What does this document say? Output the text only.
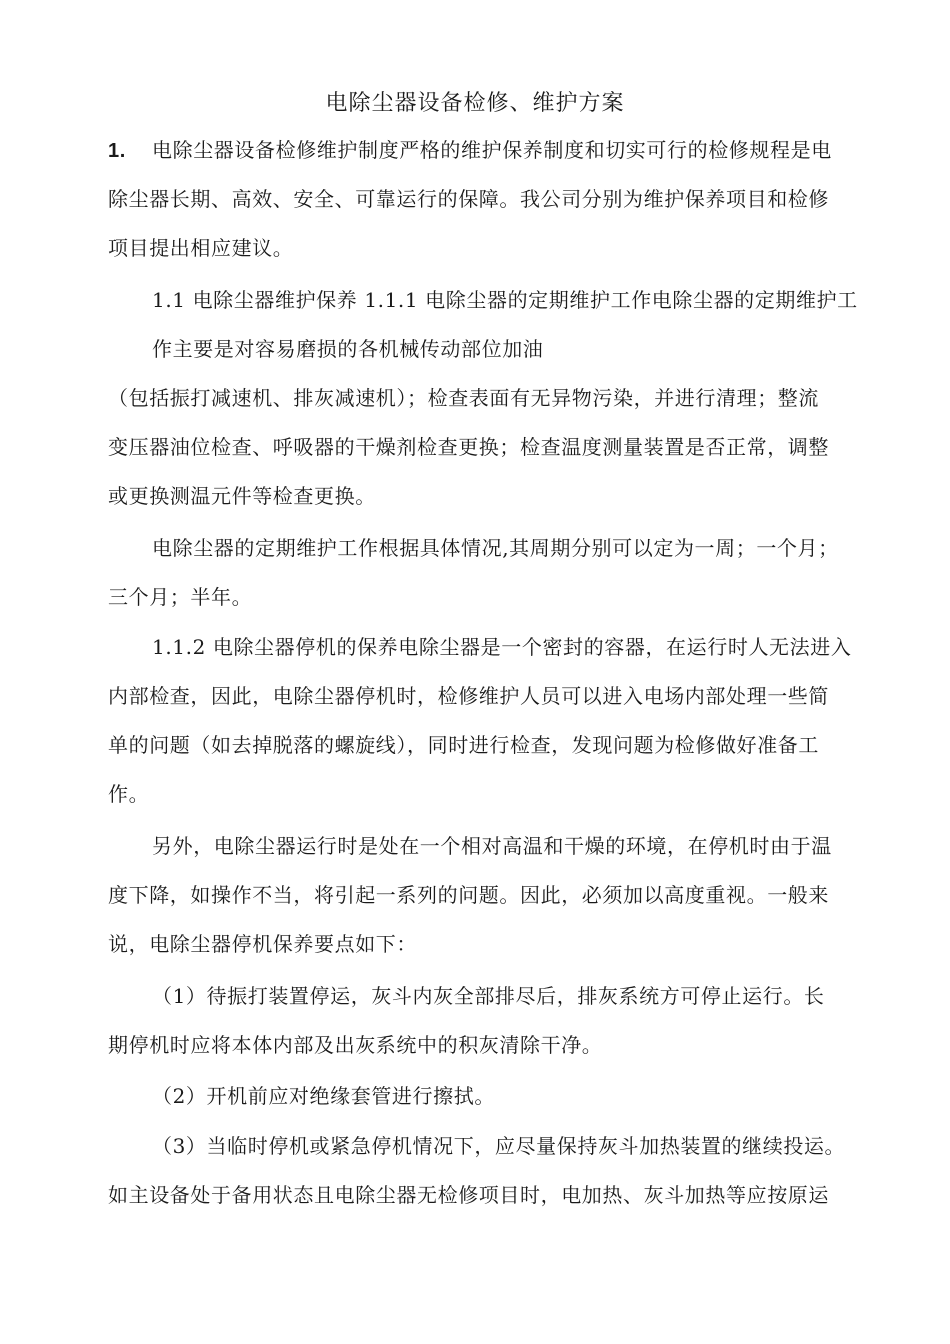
电除尘器设备检修、维护方案
1. 电除尘器设备检修维护制度严格的维护保养制度和切实可行的检修规程是电
除尘器长期、高效、安全、可靠运行的保障。我公司分别为维护保养项目和检修
项目提出相应建议。
1.1 电除尘器维护保养 1.1.1 电除尘器的定期维护工作电除尘器的定期维护工
作主要是对容易磨损的各机械传动部位加油
（包括振打减速机、排灰减速机）；检查表面有无异物污染，并进行清理；整流
变压器油位检查、呼吸器的干燥剂检查更换；检查温度测量装置是否正常，调整
或更换测温元件等检查更换。
电除尘器的定期维护工作根据具体情况,其周期分别可以定为一周；一个月；
三个月；半年。
1.1.2 电除尘器停机的保养电除尘器是一个密封的容器，在运行时人无法进入
内部检查，因此，电除尘器停机时，检修维护人员可以进入电场内部处理一些简
单的问题（如去掉脱落的螺旋线），同时进行检查，发现问题为检修做好准备工
作。
另外，电除尘器运行时是处在一个相对高温和干燥的环境，在停机时由于温
度下降，如操作不当，将引起一系列的问题。因此，必须加以高度重视。一般来
说，电除尘器停机保养要点如下：
（1）待振打装置停运，灰斗内灰全部排尽后，排灰系统方可停止运行。长
期停机时应将本体内部及出灰系统中的积灰清除干净。
（2）开机前应对绝缘套管进行擦拭。
（3）当临时停机或紧急停机情况下，应尽量保持灰斗加热装置的继续投运。
如主设备处于备用状态且电除尘器无检修项目时，电加热、灰斗加热等应按原运
